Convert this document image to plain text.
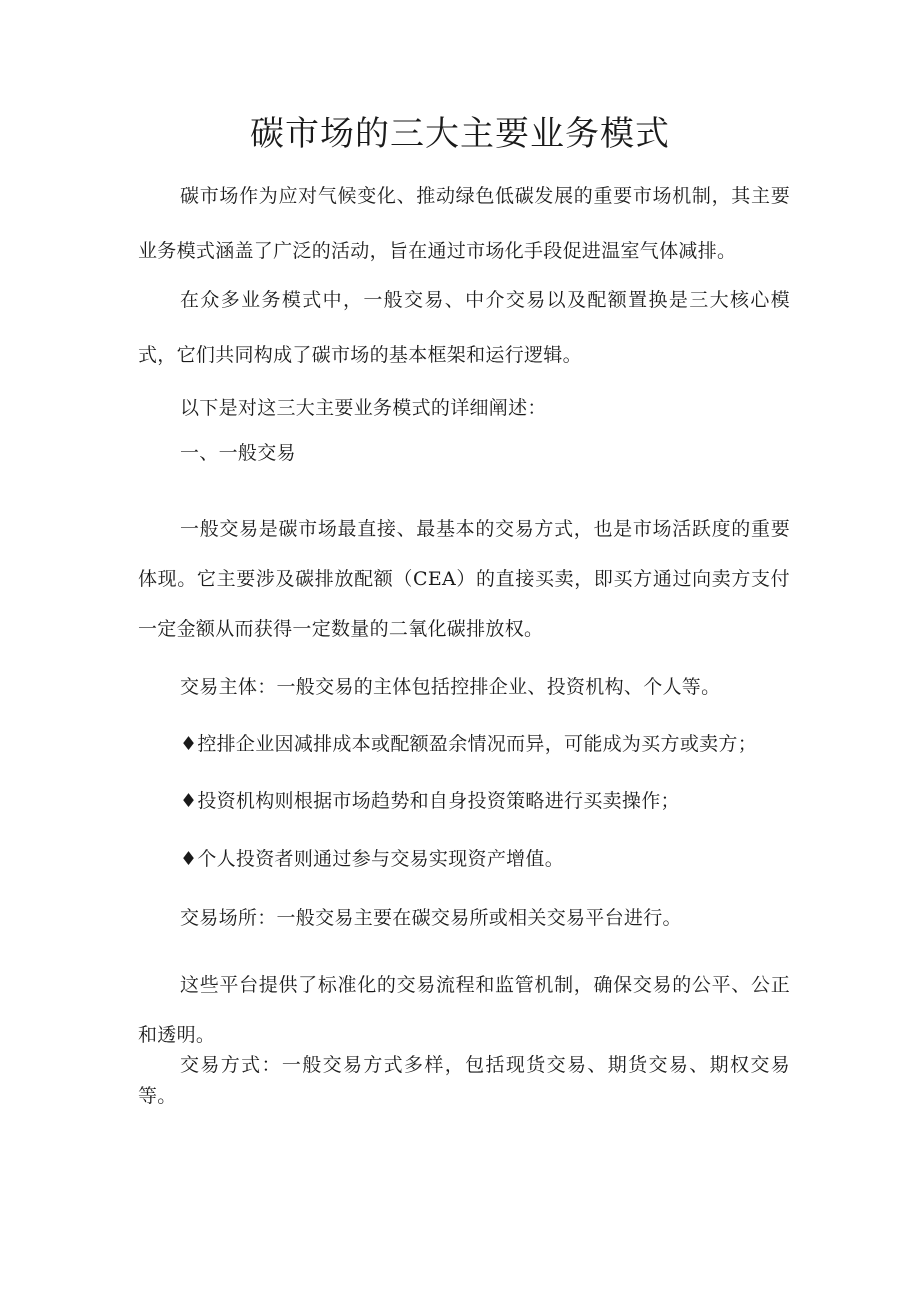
碳市场的三大主要业务模式

碳市场作为应对气候变化、推动绿色低碳发展的重要市场机制，其主要业务模式涵盖了广泛的活动，旨在通过市场化手段促进温室气体减排。

在众多业务模式中，一般交易、中介交易以及配额置换是三大核心模式，它们共同构成了碳市场的基本框架和运行逻辑。

以下是对这三大主要业务模式的详细阐述：

一、一般交易

一般交易是碳市场最直接、最基本的交易方式，也是市场活跃度的重要体现。它主要涉及碳排放配额（CEA）的直接买卖，即买方通过向卖方支付一定金额从而获得一定数量的二氧化碳排放权。

交易主体：一般交易的主体包括控排企业、投资机构、个人等。

♦控排企业因减排成本或配额盈余情况而异，可能成为买方或卖方；

♦投资机构则根据市场趋势和自身投资策略进行买卖操作；

♦个人投资者则通过参与交易实现资产增值。

交易场所：一般交易主要在碳交易所或相关交易平台进行。

这些平台提供了标准化的交易流程和监管机制，确保交易的公平、公正和透明。

交易方式：一般交易方式多样，包括现货交易、期货交易、期权交易等。
